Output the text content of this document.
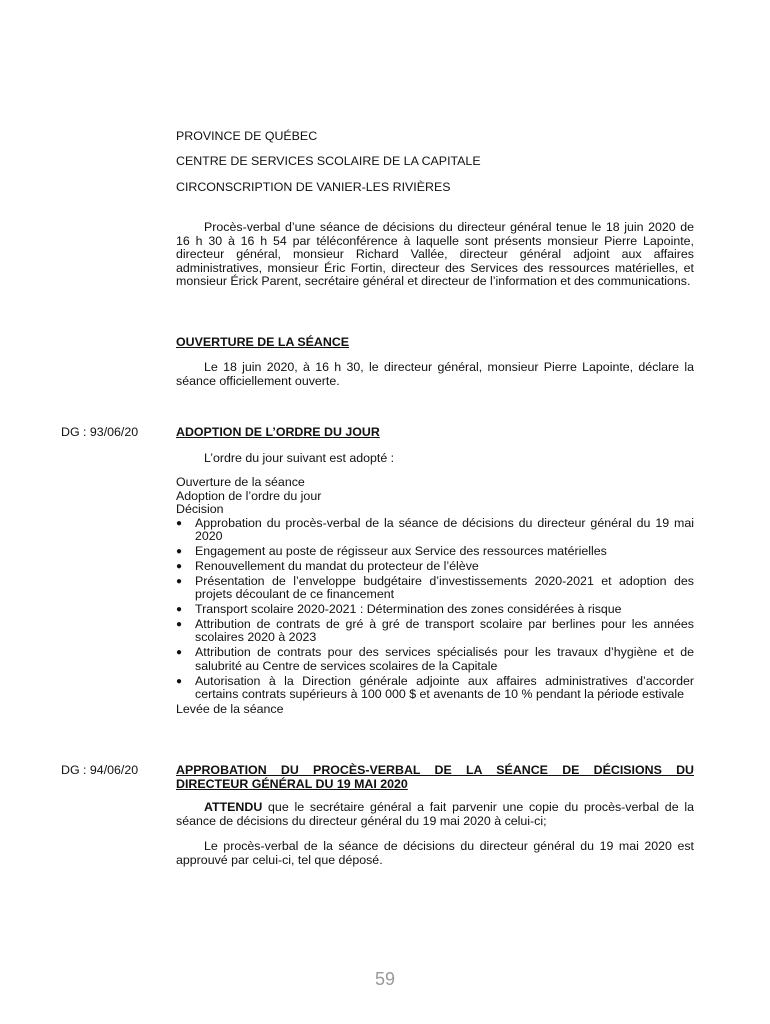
PROVINCE DE QUÉBEC

CENTRE DE SERVICES SCOLAIRE DE LA CAPITALE

CIRCONSCRIPTION DE VANIER-LES RIVIÈRES

Procès-verbal d’une séance de décisions du directeur général tenue le 18 juin 2020 de 16 h 30 à 16 h 54 par téléconférence à laquelle sont présents monsieur Pierre Lapointe, directeur général, monsieur Richard Vallée, directeur général adjoint aux affaires administratives, monsieur Éric Fortin, directeur des Services des ressources matérielles, et monsieur Érick Parent, secrétaire général et directeur de l’information et des communications.

OUVERTURE DE LA SÉANCE

Le 18 juin 2020, à 16 h 30, le directeur général, monsieur Pierre Lapointe, déclare la séance officiellement ouverte.

DG : 93/06/20	ADOPTION DE L’ORDRE DU JOUR

L’ordre du jour suivant est adopté :

Ouverture de la séance

Adoption de l’ordre du jour

Décision

● Approbation du procès-verbal de la séance de décisions du directeur général du 19 mai 2020
● Engagement au poste de régisseur aux Service des ressources matérielles
● Renouvellement du mandat du protecteur de l’élève
● Présentation de l’enveloppe budgétaire d’investissements 2020-2021 et adoption des projets découlant de ce financement
● Transport scolaire 2020-2021 : Détermination des zones considérées à risque
● Attribution de contrats de gré à gré de transport scolaire par berlines pour les années scolaires 2020 à 2023
● Attribution de contrats pour des services spécialisés pour les travaux d’hygiène et de salubrité au Centre de services scolaires de la Capitale
● Autorisation à la Direction générale adjointe aux affaires administratives d’accorder certains contrats supérieurs à 100 000 $ et avenants de 10 % pendant la période estivale

Levée de la séance

DG : 94/06/20	APPROBATION DU PROCÈS-VERBAL DE LA SÉANCE DE DÉCISIONS DU
DIRECTEUR GÉNÉRAL DU 19 MAI 2020

ATTENDU que le secrétaire général a fait parvenir une copie du procès-verbal de la séance de décisions du directeur général du 19 mai 2020 à celui-ci;

Le procès-verbal de la séance de décisions du directeur général du 19 mai 2020 est approuvé par celui-ci, tel que déposé.

59
